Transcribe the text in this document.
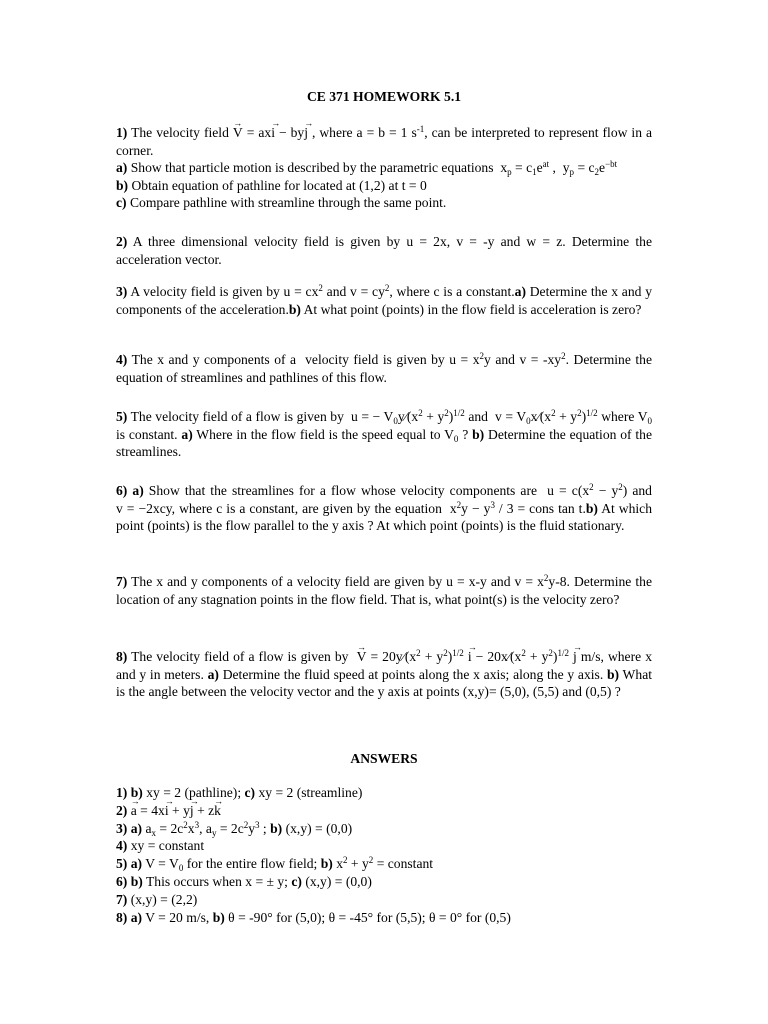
CE 371 HOMEWORK 5.1

1) The velocity field → V = ax→ i − by→ j , where a = b = 1 $s^{-1}$, can be interpreted to represent flow in a corner.

a) Show that particle motion is described by the parametric equations  $x_p = c_1e^{at}$ ,  $y_p = c_2e^{-bt}$

b) Obtain equation of pathline for located at (1,2) at t = 0

c) Compare pathline with streamline through the same point.

2) A three dimensional velocity field is given by u = 2x, v = -y and w = z. Determine the acceleration vector.

3) A velocity field is given by $u = cx^2$ and $v = cy^2$, where c is a constant.a) Determine the x and y components of the acceleration.b) At what point (points) in the flow field is acceleration is zero?

4) The x and y components of a  velocity field is given by $u = x^2y$ and $v = -xy^2$. Determine the equation of streamlines and pathlines of this flow.

5) The velocity field of a flow is given by  u = − $V_0y∕(x^2 + y^2)^{1/2}$ and  $v = V_0x∕(x^2 + y^2)^{1/2}$ where $V_0$ is constant. a) Where in the flow field is the speed equal to $V_0$ ? b) Determine the equation of the streamlines.

6) a) Show that the streamlines for a flow whose velocity components are  $u = c(x^2 - y^2)$ and v = −2xcy, where c is a constant, are given by the equation  $x^2y - y^3 / 3$ = cons tan t.b) At which point (points) is the flow parallel to the y axis ? At which point (points) is the fluid stationary.

7) The x and y components of a velocity field are given by u = x-y and $v = x^2y-8$. Determine the location of any stagnation points in the flow field. That is, what point(s) is the velocity zero?

8) The velocity field of a flow is given by  → $V = 20y∕(x^2 + y^2)^{1/2} \to i$ − $20x∕(x^2 + y^2)^{1/2} \to j$ m/s, where x and y in meters. a) Determine the fluid speed at points along the x axis; along the y axis. b) What is the angle between the velocity vector and the y axis at points (x,y)= (5,0), (5,5) and (0,5) ?

ANSWERS
1) b) xy = 2 (pathline); c) xy = 2 (streamline)
2) → a = 4x→ i + y→ j + z→ k
3) a) $a_x = 2c^2x^3$, $a_y = 2c^2y^3$ ; b) (x,y) = (0,0)
4) xy = constant
5) a) $V = V_0$ for the entire flow field; b) $x^2 + y^2$ = constant
6) b) This occurs when x = ± y; c) (x,y) = (0,0)
7) (x,y) = (2,2)
8) a) V = 20 m/s, b) θ = -90° for (5,0); θ = -45° for (5,5); θ = 0° for (0,5)
